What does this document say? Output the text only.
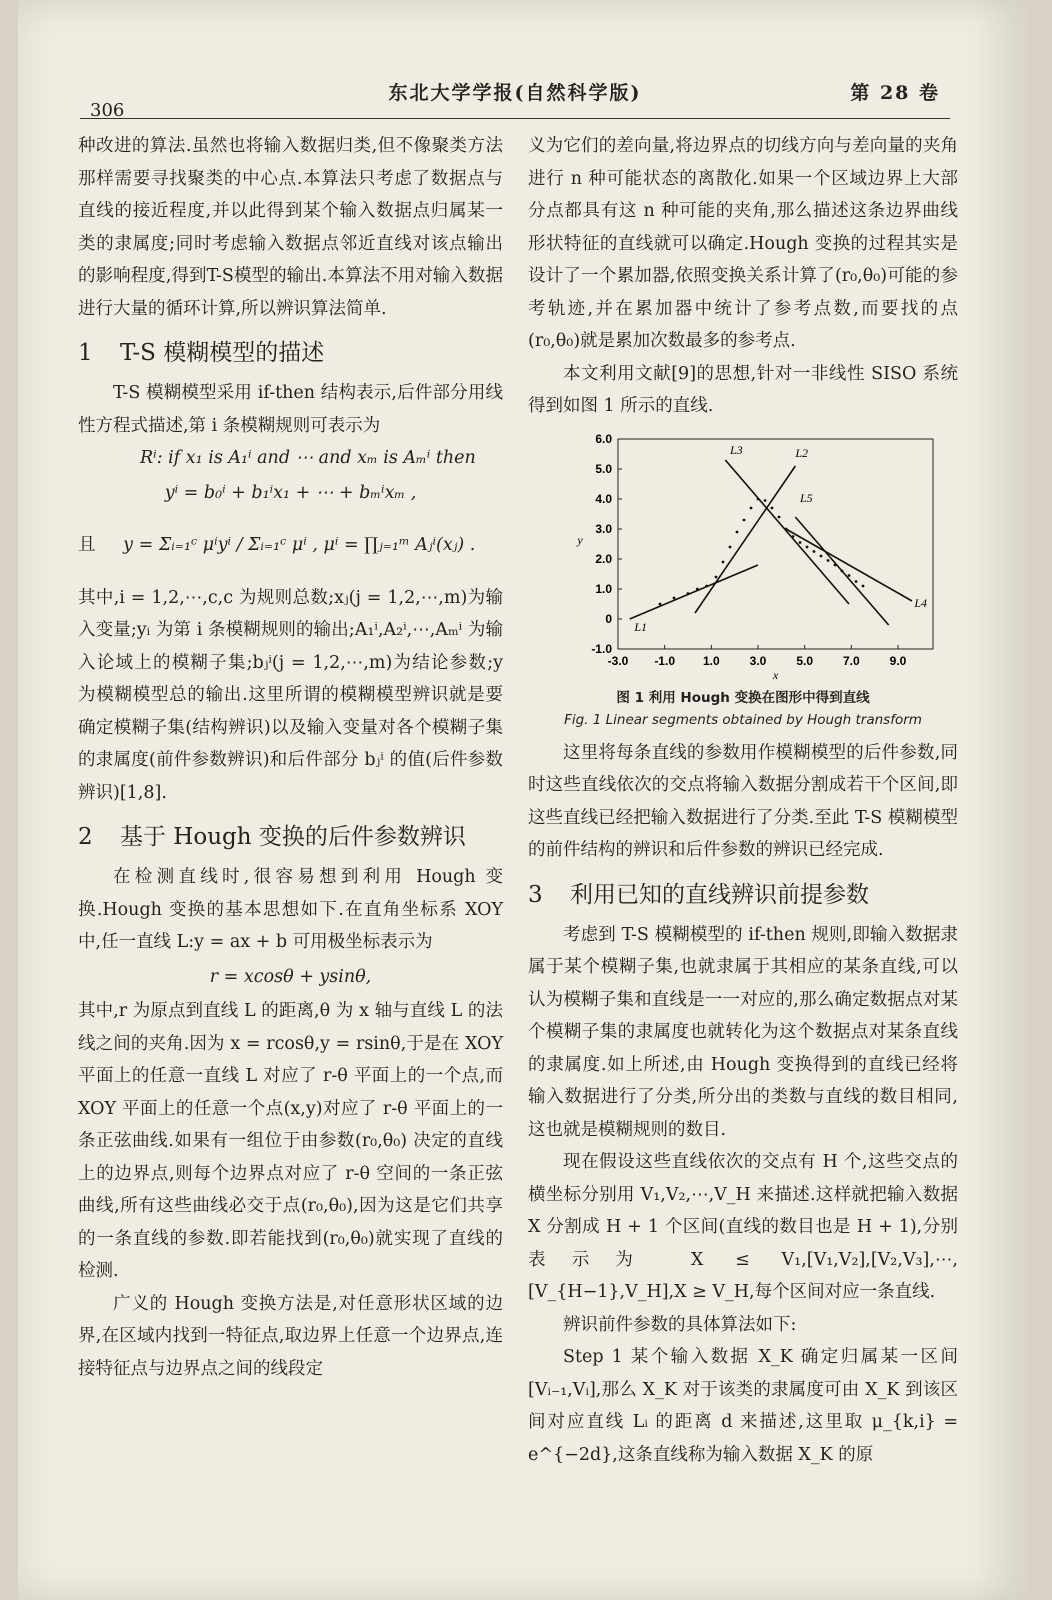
306
东北大学学报(自然科学版)	第 28 卷

种改进的算法.虽然也将输入数据归类,但不像聚类方法那样需要寻找聚类的中心点.本算法只考虑了数据点与直线的接近程度,并以此得到某个输入数据点归属某一类的隶属度;同时考虑输入数据点邻近直线对该点输出的影响程度,得到T-S模型的输出.本算法不用对输入数据进行大量的循环计算,所以辨识算法简单.

1 T-S 模糊模型的描述

T-S 模糊模型采用 if-then 结构表示,后件部分用线性方程式描述,第 i 条模糊规则可表示为

Rⁱ: if x₁ is A₁ⁱ and ⋯ and xₘ is Aₘⁱ then

yⁱ = b₀ⁱ + b₁ⁱx₁ + ⋯ + bₘⁱxₘ ,

且 y = Σᵢ₌₁ᶜ μⁱyⁱ / Σᵢ₌₁ᶜ μⁱ , μⁱ = ∏ⱼ₌₁ᵐ Aⱼⁱ(xⱼ) .

其中,i = 1,2,⋯,c,c 为规则总数;xⱼ(j = 1,2,⋯,m)为输入变量;yᵢ 为第 i 条模糊规则的输出;A₁ⁱ,A₂ⁱ,⋯,Aₘⁱ 为输入论域上的模糊子集;bⱼⁱ(j = 1,2,⋯,m)为结论参数;y 为模糊模型总的输出.这里所谓的模糊模型辨识就是要确定模糊子集(结构辨识)以及输入变量对各个模糊子集的隶属度(前件参数辨识)和后件部分 bⱼⁱ 的值(后件参数辨识)[1,8].

2 基于 Hough 变换的后件参数辨识

在检测直线时,很容易想到利用 Hough 变换.Hough 变换的基本思想如下.在直角坐标系 XOY 中,任一直线 L:y = ax + b 可用极坐标表示为

r = xcosθ + ysinθ,

其中,r 为原点到直线 L 的距离,θ 为 x 轴与直线 L 的法线之间的夹角.因为 x = rcosθ,y = rsinθ,于是在 XOY 平面上的任意一直线 L 对应了 r-θ 平面上的一个点,而 XOY 平面上的任意一个点(x,y)对应了 r-θ 平面上的一条正弦曲线.如果有一组位于由参数(r₀,θ₀) 决定的直线上的边界点,则每个边界点对应了 r-θ 空间的一条正弦曲线,所有这些曲线必交于点(r₀,θ₀),因为这是它们共享的一条直线的参数.即若能找到(r₀,θ₀)就实现了直线的检测.

广义的 Hough 变换方法是,对任意形状区域的边界,在区域内找到一特征点,取边界上任意一个边界点,连接特征点与边界点之间的线段定

义为它们的差向量,将边界点的切线方向与差向量的夹角进行 n 种可能状态的离散化.如果一个区域边界上大部分点都具有这 n 种可能的夹角,那么描述这条边界曲线形状特征的直线就可以确定.Hough 变换的过程其实是设计了一个累加器,依照变换关系计算了(r₀,θ₀)可能的参考轨迹,并在累加器中统计了参考点数,而要找的点(r₀,θ₀)就是累加次数最多的参考点.

本文利用文献[9]的思想,针对一非线性 SISO 系统得到如图 1 所示的直线.

-3.0 -1.0 1.0 3.0 5.0 7.0 9.0
-1.0
0
1.0
2.0
3.0
4.0
5.0
6.0
x
y
L1
L3	L2
L5
L4
图 1 利用 Hough 变换在图形中得到直线
Fig. 1 Linear segments obtained by Hough transform

这里将每条直线的参数用作模糊模型的后件参数,同时这些直线依次的交点将输入数据分割成若干个区间,即这些直线已经把输入数据进行了分类.至此 T-S 模糊模型的前件结构的辨识和后件参数的辨识已经完成.

3 利用已知的直线辨识前提参数

考虑到 T-S 模糊模型的 if-then 规则,即输入数据隶属于某个模糊子集,也就隶属于其相应的某条直线,可以认为模糊子集和直线是一一对应的,那么确定数据点对某个模糊子集的隶属度也就转化为这个数据点对某条直线的隶属度.如上所述,由 Hough 变换得到的直线已经将输入数据进行了分类,所分出的类数与直线的数目相同,这也就是模糊规则的数目.

现在假设这些直线依次的交点有 H 个,这些交点的横坐标分别用 V₁,V₂,⋯,V_H 来描述.这样就把输入数据 X 分割成 H + 1 个区间(直线的数目也是 H + 1),分别表示为 X ≤ V₁,[V₁,V₂],[V₂,V₃],⋯,[V_{H−1},V_H],X ≥ V_H,每个区间对应一条直线.

辨识前件参数的具体算法如下:

Step 1 某个输入数据 X_K 确定归属某一区间[Vᵢ₋₁,Vᵢ],那么 X_K 对于该类的隶属度可由 X_K 到该区间对应直线 Lᵢ 的距离 d 来描述,这里取 μ_{k,i} = e^{−2d},这条直线称为输入数据 X_K 的原
